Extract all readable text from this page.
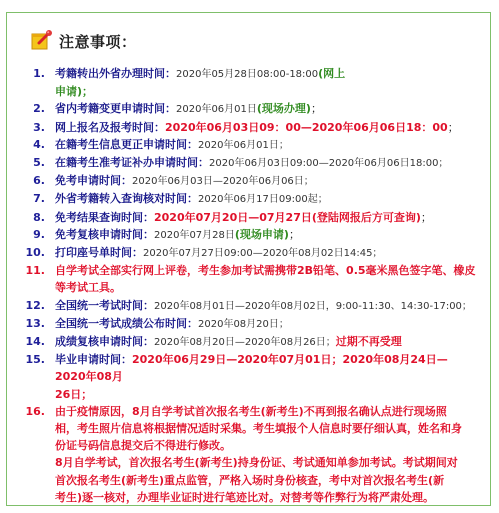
注意事项：
1. 考籍转出外省办理时间：2020年05月28日08:00-18:00(网上
申请)；
2. 省内考籍变更申请时间：2020年06月01日(现场办理)；
3. 网上报名及报考时间：2020年06月03日09：00—2020年06月06日18：00；
4. 在籍考生信息更正申请时间：2020年06月01日；
5. 在籍考生准考证补办申请时间：2020年06月03日09:00—2020年06月06日18:00；
6. 免考申请时间：2020年06月03日—2020年06月06日；
7. 外省考籍转入查询核对时间：2020年06月17日09:00起；
8. 免考结果查询时间：2020年07月20日—07月27日(登陆网报后方可查询)；
9. 免考复核申请时间：2020年07月28日(现场申请)；
10. 打印座号单时间：2020年07月27日09:00—2020年08月02日14:45；
11. 自学考试全部实行网上评卷，考生参加考试需携带2B铅笔、0.5毫米黑色签字笔、橡皮
等考试工具。
12. 全国统一考试时间：2020年08月01日—2020年08月02日，9:00-11:30、14:30-17:00；
13. 全国统一考试成绩公布时间：2020年08月20日；
14. 成绩复核申请时间：2020年08月20日—2020年08月26日；过期不再受理
15. 毕业申请时间：2020年06月29日—2020年07月01日；2020年08月24日—2020年08月
26日；
16. 由于疫情原因，8月自学考试首次报名考生(新考生)不再到报名确认点进行现场照
相，考生照片信息将根据情况适时采集。考生填报个人信息时要仔细认真，姓名和身
份证号码信息提交后不得进行修改。
8月自学考试，首次报名考生(新考生)持身份证、考试通知单参加考试。考试期间对
首次报名考生(新考生)重点监管，严格入场时身份核查，考中对首次报名考生(新
考生)逐一核对，办理毕业证时进行笔迹比对。对替考等作弊行为将严肃处理。
